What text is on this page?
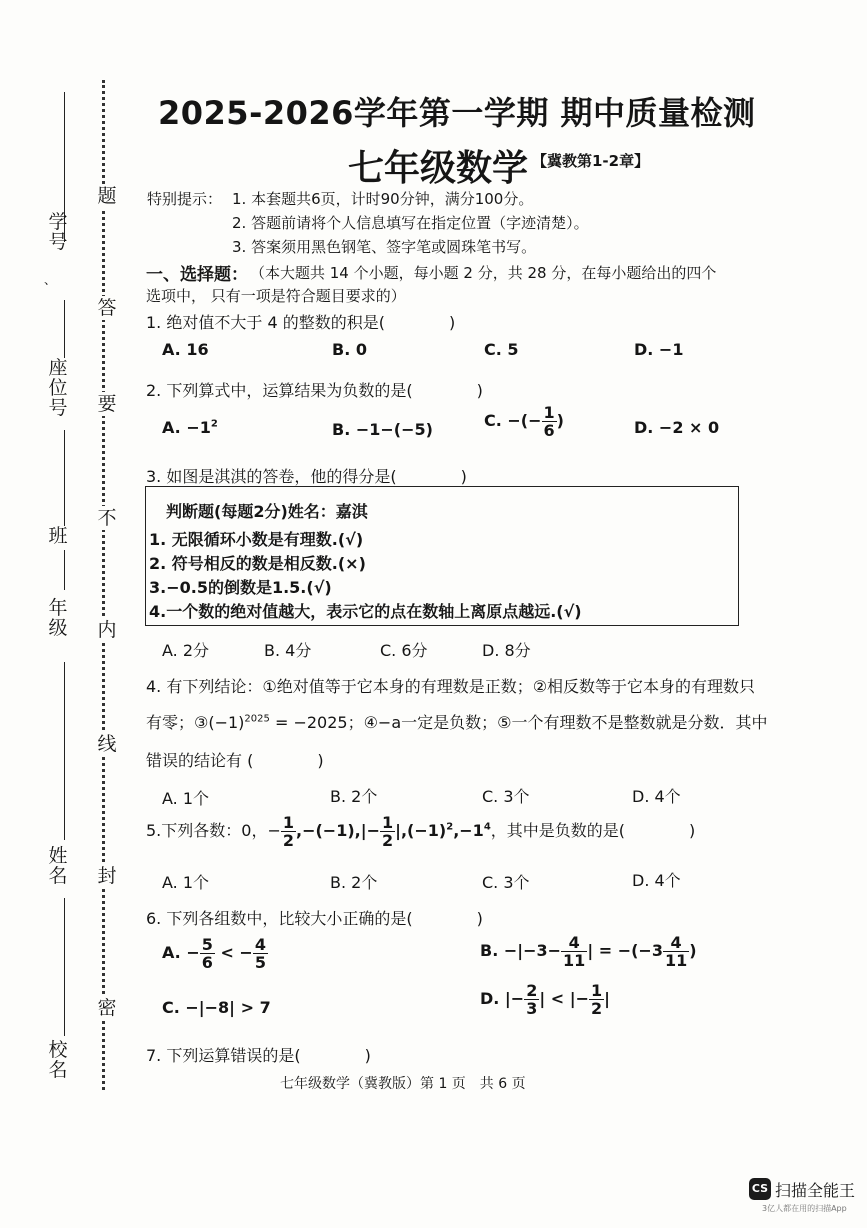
学号
、
座位号
班
年级
姓名
校名
题
答
要
不
内
线
封
密
2025-2026学年第一学期 期中质量检测
七年级数学 【冀教第1-2章】
特别提示： 1. 本套题共6页，计时90分钟，满分100分。
2. 答题前请将个人信息填写在指定位置（字迹清楚）。
3. 答案须用黑色钢笔、签字笔或圆珠笔书写。
一、选择题： （本大题共 14 个小题，每小题 2 分，共 28 分，在每小题给出的四个
选项中， 只有一项是符合题目要求的）
1. 绝对值不大于 4 的整数的积是(　　　　)
A. 16	B. 0	C. 5	D. −1
2. 下列算式中，运算结果为负数的是(　　　　)
A. $-1^2$	B. −1−(−5)	C. −(− $\frac{1}{6}$ )	D. −2 × 0
3. 如图是淇淇的答卷，他的得分是(　　　　)
判断题(每题2分)姓名：嘉淇
1. 无限循环小数是有理数.(√)
2. 符号相反的数是相反数.(×)
3.−0.5的倒数是1.5.(√)
4.一个数的绝对值越大，表示它的点在数轴上离原点越远.(√)
A. 2分	B. 4分	C. 6分	D. 8分
4. 有下列结论：①绝对值等于它本身的有理数是正数；②相反数等于它本身的有理数只
有零；$③(-1)^{2025} = -2025$；④−a一定是负数；⑤一个有理数不是整数就是分数．其中
错误的结论有 (　　　　)
A. 1个	B. 2个	C. 3个	D. 4个
5.下列各数：0，− $\frac{1}{2} ,-(-1),|- \frac{1}{2} |,(-1)^2,-1^4$，其中是负数的是(　　　　)
A. 1个	B. 2个	C. 3个	D. 4个
6. 下列各组数中，比较大小正确的是(　　　　)
A. − $\frac{5}{6}$ < − $\frac{4}{5}$	B. $-|-3- \frac{4}{11}$ | = $-(-3 \frac{4}{11}$ )
C. −|−8| > 7	D. |− $\frac{2}{3}$ | < |− $\frac{1}{2}$ |
7. 下列运算错误的是(　　　　)
七年级数学（冀教版）第 1 页　共 6 页
CS 扫描全能王
3亿人都在用的扫描App
